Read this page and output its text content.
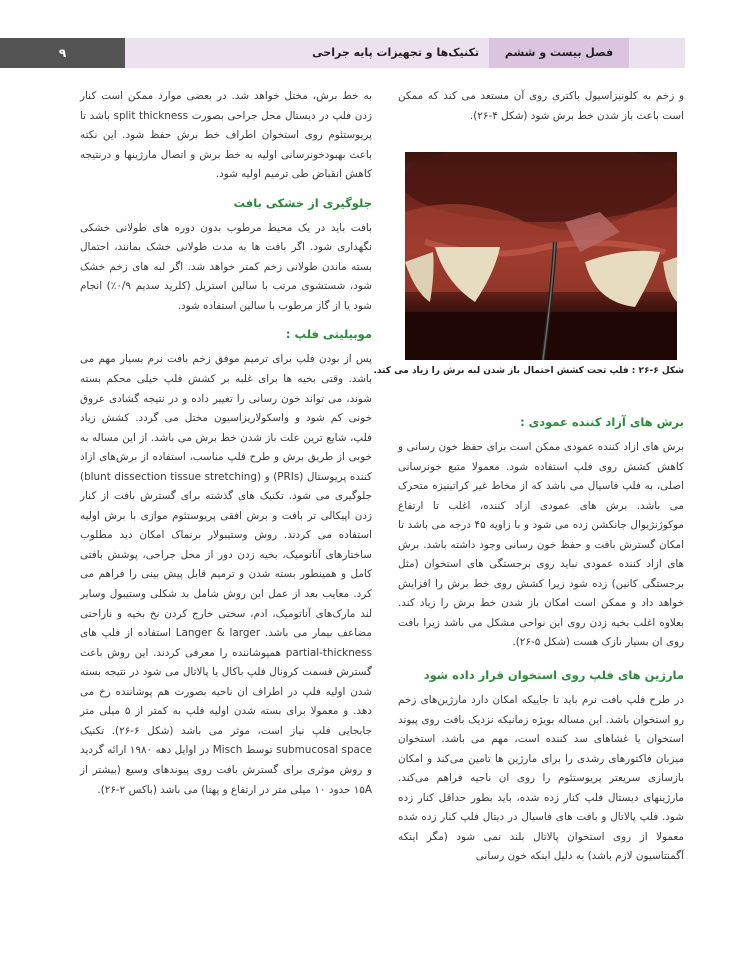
فصل بیست و ششم
تکنیک‌ها و تجهیزات پایه جراحی
۹

و زخم به کلونیزاسیول باکتری روی آن مستعد می کند که ممکن است باعث باز شدن خط برش شود (شکل ۴-۲۶).

شکل ۶-۲۶ : فلپ تحت کشش احتمال باز شدن لبه برش را زیاد می کند.
برش های آزاد کننده عمودی :

برش های ازاد کننده عمودی ممکن است برای حفظ خون رسانی و کاهش کشش روی فلپ استفاده شود. معمولا متبع خونرسانی اصلی، به فلپ فاسیال می باشد که از مخاط غیر کراتینیزه متحرک می باشد. برش های عمودی ازاد کننده، اغلب تا ارتفاع موکوژنژیوال جانکشن زده می شود و با زاویه ۴۵ درجه می باشد تا امکان گسترش بافت و حفظ خون رسانی وجود داشته باشد. برش های ازاد کننده عمودی نباید روی برجستگی های استخوان (مثل برجستگی کانین) زده شود زیرا کشش روی خط برش را افزایش خواهد داد و ممکن است امکان باز شدن خط برش را زیاد کند. بعلاوه اغلب بخیه زدن روی این نواحی مشکل می باشد زیرا بافت روی ان بسیار نازک هست (شکل ۵-۲۶).

مارژین های فلپ روی استخوان قرار داده شود

در طرح فلپ بافت نرم باید تا جاییکه امکان دارد مارژین‌های زخم رو استخوان باشد. این مساله بویژه زمانیکه نزدیک بافت روی پیوند استخوان یا غشاهای سد کننده است، مهم می باشد. استخوان میزبان فاکتورهای رشدی را برای مارژین ها تامین می‌کند و امکان بازسازی سریعتر پریوستئوم را روی ان ناحیه فراهم می‌کند. مارژینهای دیستال فلپ کنار زده شده، باید بطور حداقل کنار زده شود. فلپ پالاتال و بافت های فاسیال در دیتال فلپ کنار زده شده معمولا از روی استخوان پالاتال بلند نمی شود (مگر اینکه آگمنتاسیون لازم باشد) به دلیل اینکه خون رسانی

به خط برش، مختل خواهد شد. در بعضی موارد ممکن است کنار زدن فلپ در دیستال محل جراحی بصورت split thickness باشد تا پریوستئوم روی استخوان اطراف خط برش حفظ شود. این نکته باعث بهبودخونرسانی اولیه به خط برش و اتصال مارژینها و درنتیجه کاهش انقباض طی ترمیم اولیه شود.

جلوگیری از خشکی بافت

بافت باید در یک محیط مرطوب بدون دوره های طولانی خشکی نگهداری شود. اگر بافت ها به مدت طولانی خشک بمانند، احتمال بسته ماندن طولانی زخم کمتر خواهد شد. اگر لبه های زخم خشک شود، شستشوی مرتب با سالین استریل (کلرید سدیم ۰/۹٪) انجام شود یا از گاز مرطوب با سالین استفاده شود.

موبیلیتی فلپ :

پس از بودن فلپ برای ترمیم موفق زخم بافت نرم بسیار مهم می باشد. وقتی بخیه ها برای غلبه بر کشش فلپ خیلی محکم بسته شوند، می تواند خون رسانی را تغییر داده و در نتیجه گشادی عروق خونی کم شود و واسکولاریزاسیون مختل می گردد. کشش زیاد فلپ، شایع ترین علت باز شدن خط برش می باشد. از این مساله به خوبی از طریق برش و طرح فلپ مناسب، استفاده از برش‌های ازاد کننده پریوستال (PRIs) و (blunt dissection tissue stretching) جلوگیری می شود. تکنیک های گذشته برای گسترش بافت از کنار زدن اپیکالی تر بافت و برش افقی پریوستئوم موازی با برش اولیه استفاده می کردند. روش وستیبولار برنماک امکان دید مطلوب ساختارهای آناتومیک، بخیه زدن دور از محل جراحی، پوشش بافتی کامل و همینطور بسته شدن و ترمیم قابل پیش بینی را فراهم می کرد. معایب بعد از عمل این روش شامل بد شکلی وستیبول وسایر لند مارک‌های آناتومیک، ادم، سختی خارج کردن نخ بخیه و ناراحتی مضاعف بیمار می باشد. Langer & larger استفاده از فلپ های partial-thickness همپوشاننده را معرفی کردند. این روش باعث گسترش قسمت کرونال فلپ باکال یا پالاتال می شود در نتیجه بسته شدن اولیه فلپ در اطراف ان ناحیه بصورت هم پوشاننده رخ می دهد. و معمولا برای بسته شدن اولیه فلپ به کمتر از ۵ میلی متر جابجایی فلپ نیاز است، موثر می باشد (شکل ۶-۲۶). تکنیک submucosal space توسط Misch در اوایل دهه ۱۹۸۰ ارائه گردید و روش موثری برای گسترش بافت روی پیوندهای وسیع (بیشتر از ۱۵A حدود ۱۰ میلی متر در ارتفاع و پهنا) می باشد (باکس ۲-۲۶).
